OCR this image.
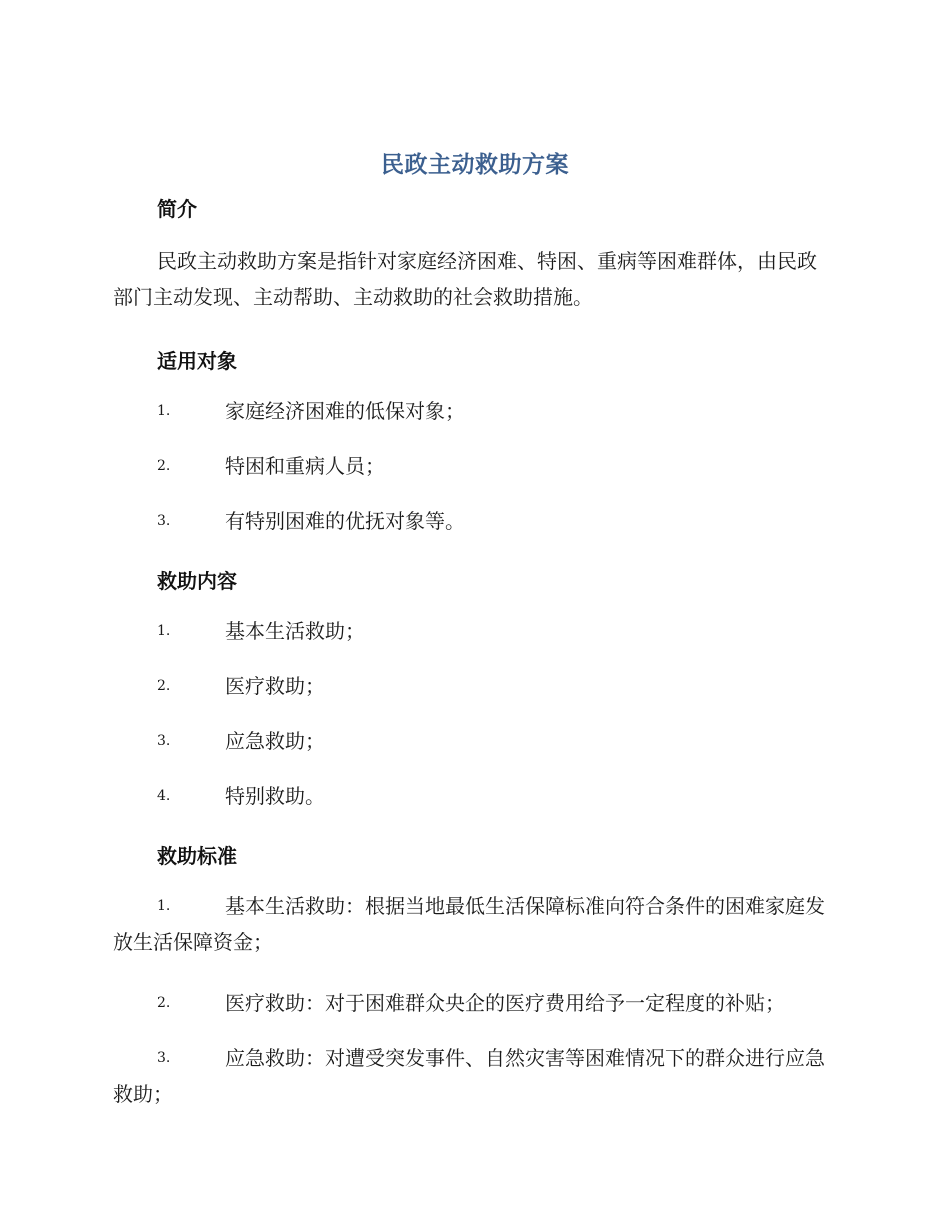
民政主动救助方案
简介
民政主动救助方案是指针对家庭经济困难、特困、重病等困难群体，由民政部门主动发现、主动帮助、主动救助的社会救助措施。
适用对象
1.	家庭经济困难的低保对象；
2.	特困和重病人员；
3.	有特别困难的优抚对象等。
救助内容
1.	基本生活救助；
2.	医疗救助；
3.	应急救助；
4.	特别救助。
救助标准
1.	基本生活救助：根据当地最低生活保障标准向符合条件的困难家庭发放生活保障资金；
2.	医疗救助：对于困难群众央企的医疗费用给予一定程度的补贴；
3.	应急救助：对遭受突发事件、自然灾害等困难情况下的群众进行应急救助；
